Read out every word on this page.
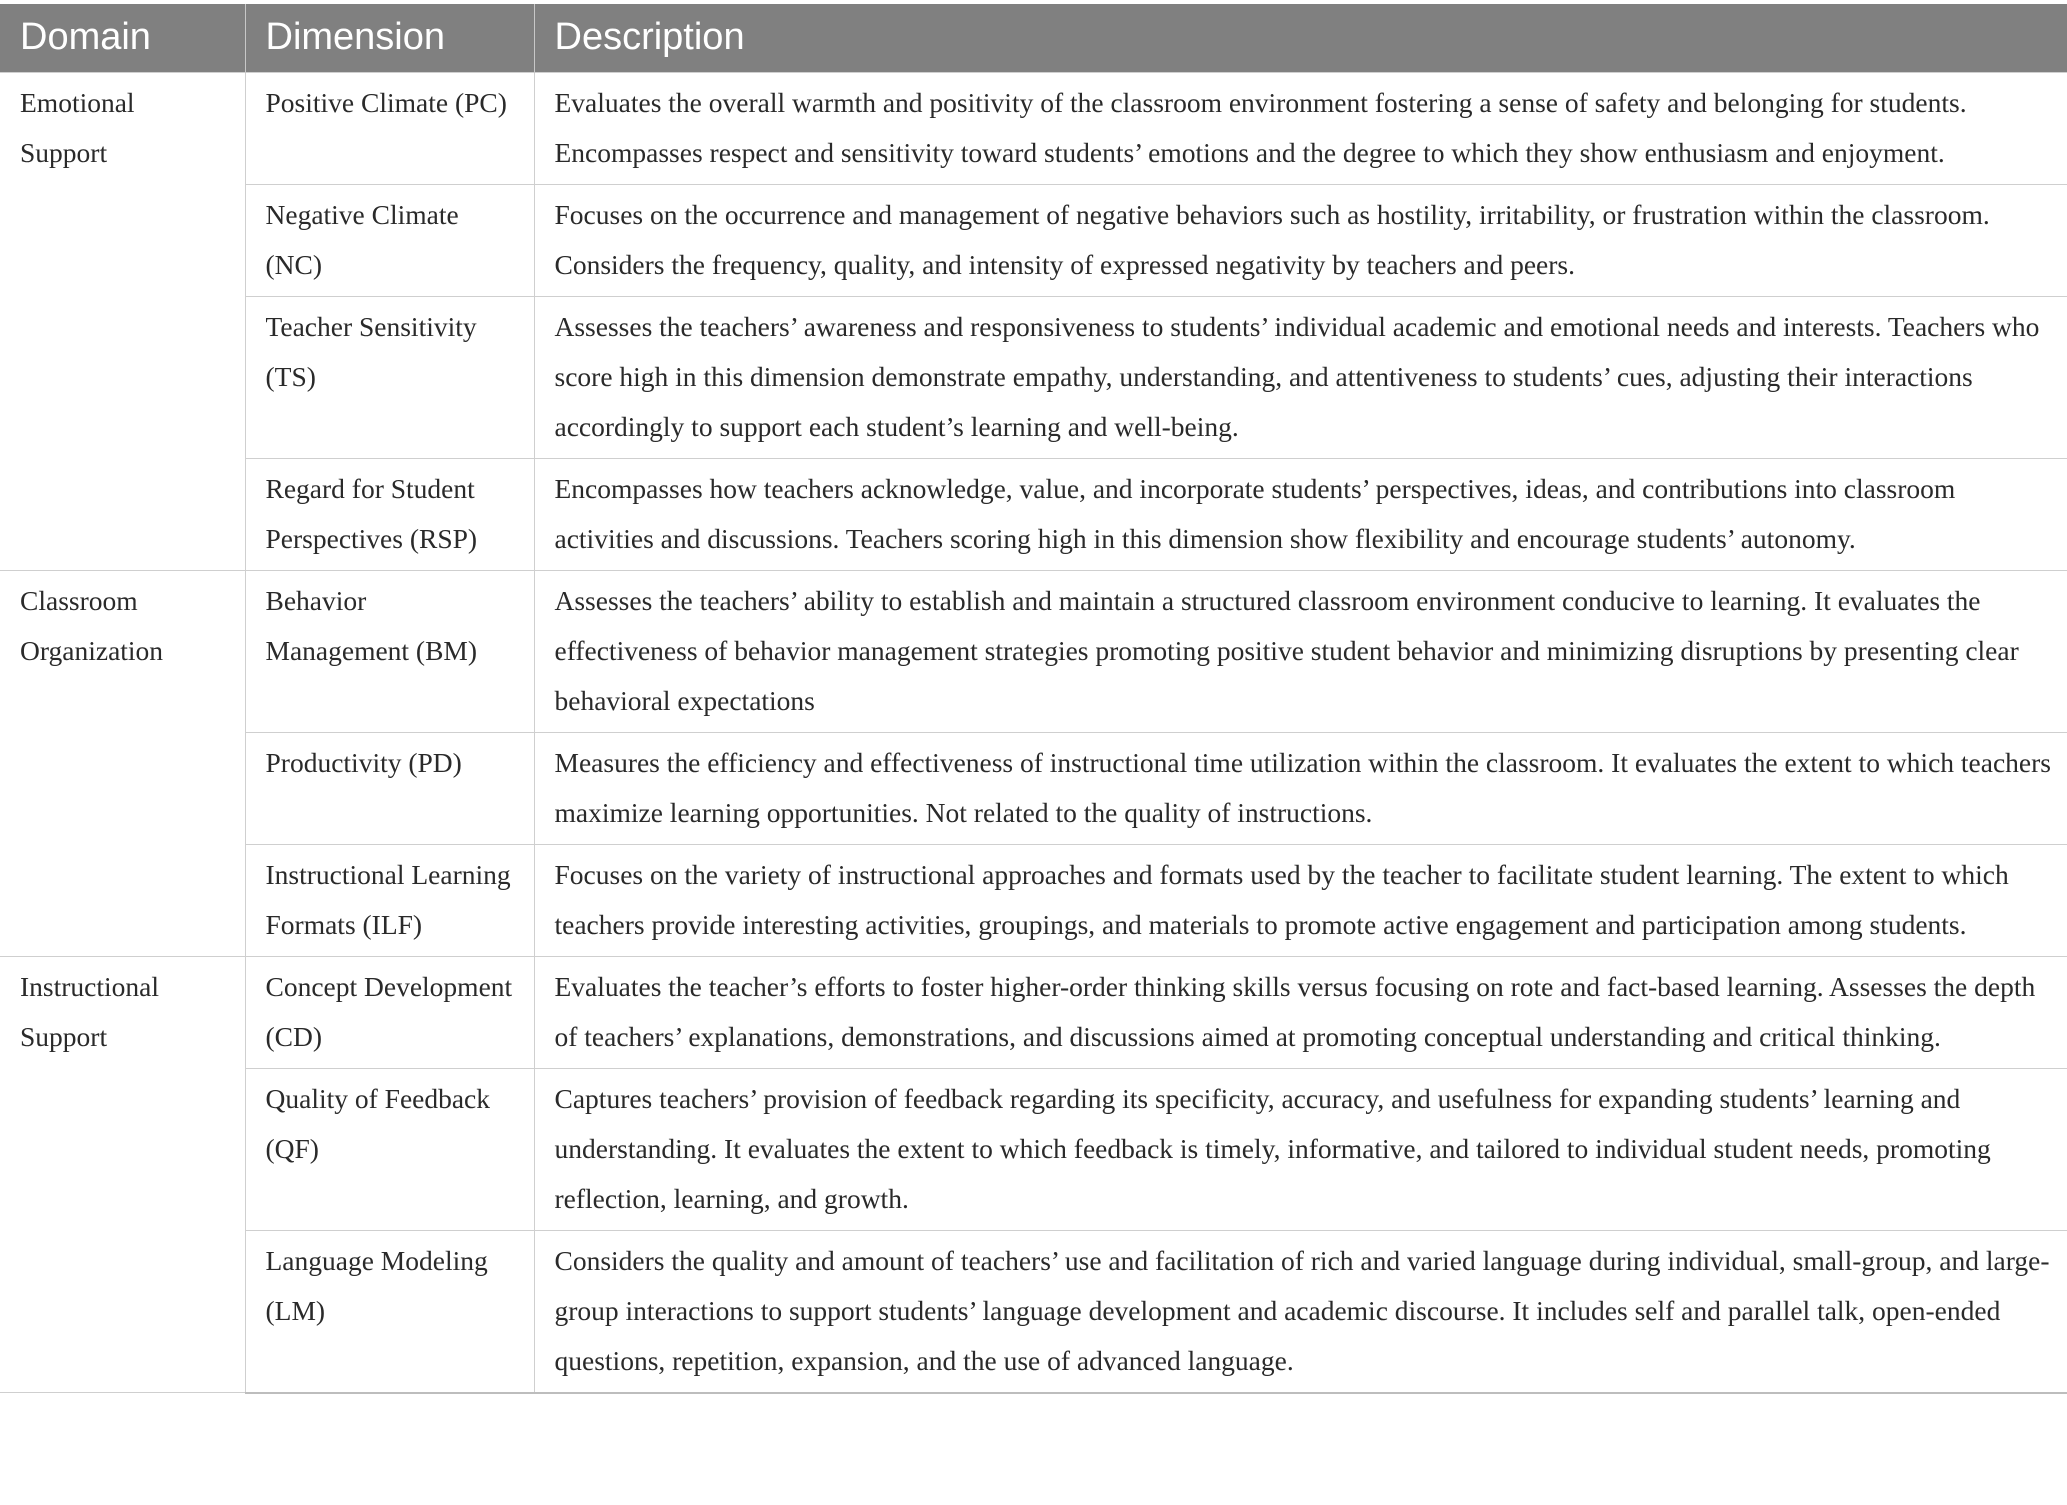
Domain	Dimension	Description
Emotional Support	Positive Climate (PC)	Evaluates the overall warmth and positivity of the classroom environment fostering a sense of safety and belonging for students. Encompasses respect and sensitivity toward students’ emotions and the degree to which they show enthusiasm and enjoyment.
	Negative Climate (NC)	Focuses on the occurrence and management of negative behaviors such as hostility, irritability, or frustration within the classroom. Considers the frequency, quality, and intensity of expressed negativity by teachers and peers.
	Teacher Sensitivity (TS)	Assesses the teachers’ awareness and responsiveness to students’ individual academic and emotional needs and interests. Teachers who score high in this dimension demonstrate empathy, understanding, and attentiveness to students’ cues, adjusting their interactions accordingly to support each student’s learning and well-being.
	Regard for Student Perspectives (RSP)	Encompasses how teachers acknowledge, value, and incorporate students’ perspectives, ideas, and contributions into classroom activities and discussions. Teachers scoring high in this dimension show flexibility and encourage students’ autonomy.
Classroom Organization	Behavior Management (BM)	Assesses the teachers’ ability to establish and maintain a structured classroom environment conducive to learning. It evaluates the effectiveness of behavior management strategies promoting positive student behavior and minimizing disruptions by presenting clear behavioral expectations
	Productivity (PD)	Measures the efficiency and effectiveness of instructional time utilization within the classroom. It evaluates the extent to which teachers maximize learning opportunities. Not related to the quality of instructions.
	Instructional Learning Formats (ILF)	Focuses on the variety of instructional approaches and formats used by the teacher to facilitate student learning. The extent to which teachers provide interesting activities, groupings, and materials to promote active engagement and participation among students.
Instructional Support	Concept Development (CD)	Evaluates the teacher’s efforts to foster higher-order thinking skills versus focusing on rote and fact-based learning. Assesses the depth of teachers’ explanations, demonstrations, and discussions aimed at promoting conceptual understanding and critical thinking.
	Quality of Feedback (QF)	Captures teachers’ provision of feedback regarding its specificity, accuracy, and usefulness for expanding students’ learning and understanding. It evaluates the extent to which feedback is timely, informative, and tailored to individual student needs, promoting reflection, learning, and growth.
	Language Modeling (LM)	Considers the quality and amount of teachers’ use and facilitation of rich and varied language during individual, small-group, and large-group interactions to support students’ language development and academic discourse. It includes self and parallel talk, open-ended questions, repetition, expansion, and the use of advanced language.
